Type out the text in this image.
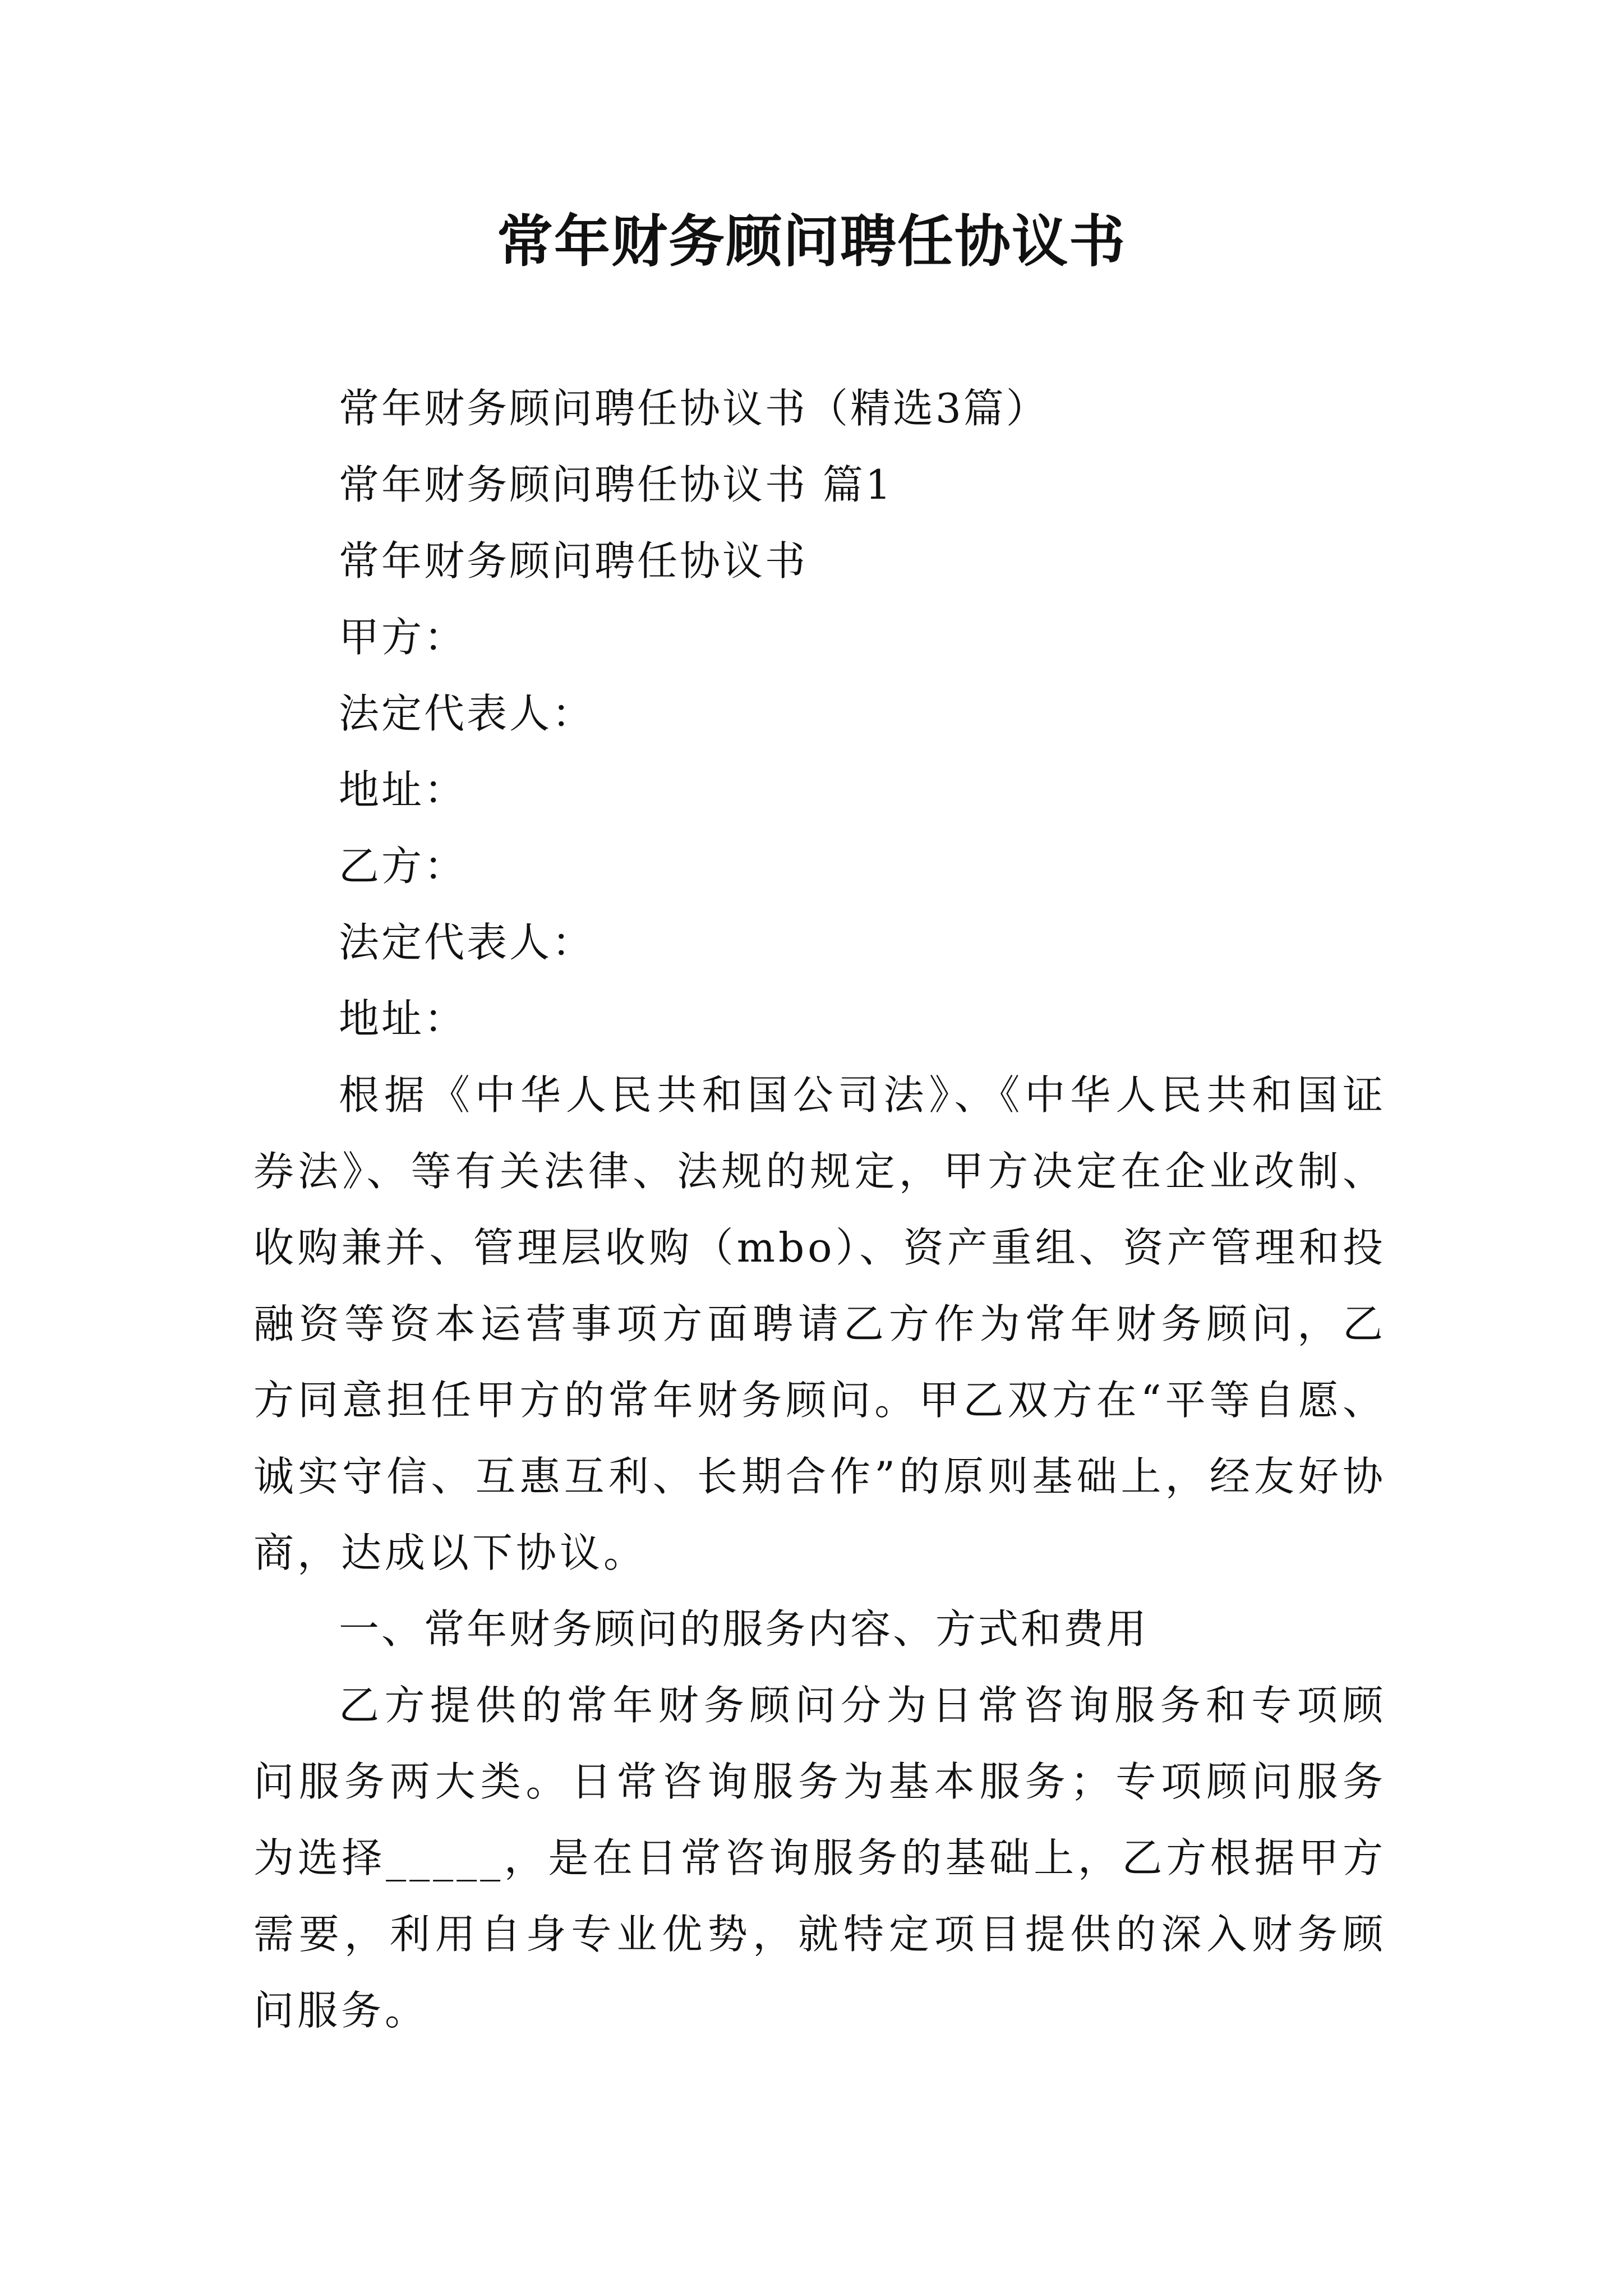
常年财务顾问聘任协议书

常年财务顾问聘任协议书（精选3篇）

常年财务顾问聘任协议书 篇1

常年财务顾问聘任协议书

甲方：

法定代表人：

地址：

乙方：

法定代表人：

地址：

根据《中华人民共和国公司法》、《中华人民共和国证券法》、等有关法律、法规的规定，甲方决定在企业改制、收购兼并、管理层收购（mbo）、资产重组、资产管理和投融资等资本运营事项方面聘请乙方作为常年财务顾问，乙方同意担任甲方的常年财务顾问。甲乙双方在“平等自愿、诚实守信、互惠互利、长期合作”的原则基础上，经友好协商，达成以下协议。

一、常年财务顾问的服务内容、方式和费用

乙方提供的常年财务顾问分为日常咨询服务和专项顾问服务两大类。日常咨询服务为基本服务；专项顾问服务为选择_____，是在日常咨询服务的基础上，乙方根据甲方需要，利用自身专业优势，就特定项目提供的深入财务顾问服务。
